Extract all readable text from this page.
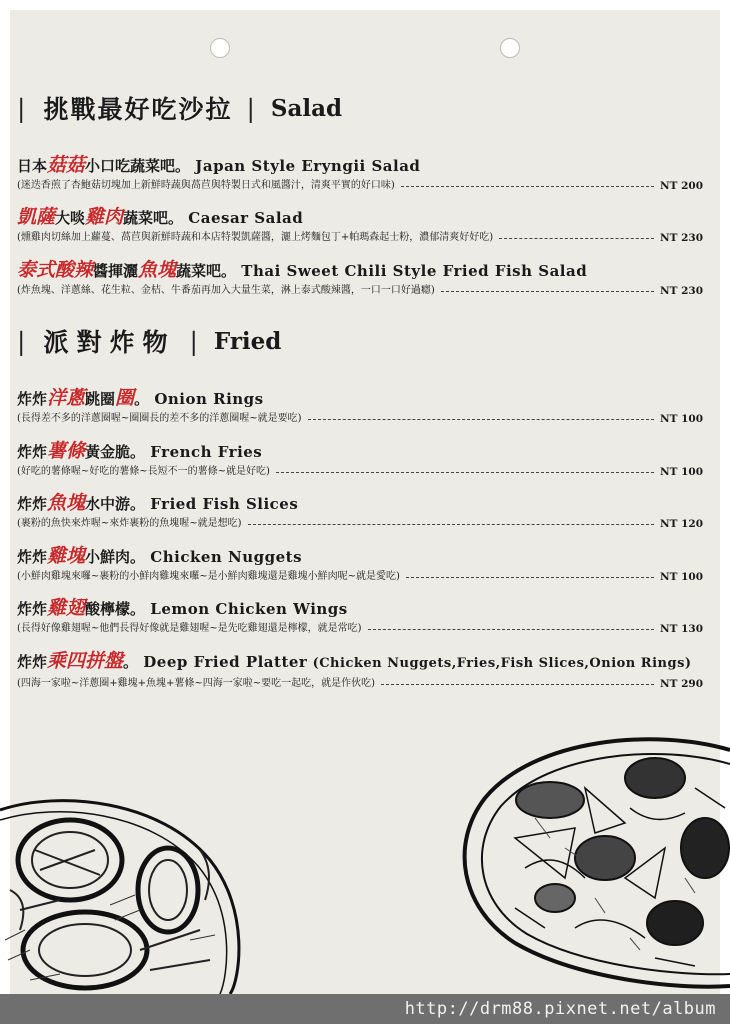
| 挑戰最好吃沙拉 | Salad
日本菇菇小口吃蔬菜吧。 Japan Style Eryngii Salad
(迷迭香煎了杏鮑菇切塊加上新鮮時蔬與萵苣與特製日式和風醬汁，清爽平實的好口味)	NT 200
凱薩大啖雞肉蔬菜吧。 Caesar Salad
(燻雞肉切絲加上蘿蔓、萵苣與新鮮時蔬和本店特製凱薩醬，灑上烤麵包丁+帕瑪森起士粉，濃郁清爽好好吃)	NT 230
泰式酸辣醬揮灑魚塊蔬菜吧。 Thai Sweet Chili Style Fried Fish Salad
(炸魚塊、洋蔥絲、花生粒、金桔、牛番茄再加入大量生菜，淋上泰式酸辣醬，一口一口好過癮)	NT 230
| 派對炸物 | Fried
炸炸洋蔥跳圈圈。 Onion Rings
(長得差不多的洋蔥圈喔~圈圈長的差不多的洋蔥圈喔~就是要吃)	NT 100
炸炸薯條黃金脆。 French Fries
(好吃的薯條喔~好吃的薯條~長短不一的薯條~就是好吃)	NT 100
炸炸魚塊水中游。 Fried Fish Slices
(裹粉的魚快來炸喔~來炸裹粉的魚塊喔~就是想吃)	NT 120
炸炸雞塊小鮮肉。 Chicken Nuggets
(小鮮肉雞塊來囉~裹粉的小鮮肉雞塊來囉~是小鮮肉雞塊還是雞塊小鮮肉呢~就是愛吃)	NT 100
炸炸雞翅酸檸檬。 Lemon Chicken Wings
(長得好像雞翅喔~他們長得好像就是雞翅喔~是先吃雞翅還是檸檬，就是常吃)	NT 130
炸炸乘四拼盤。 Deep Fried Platter (Chicken Nuggets,Fries,Fish Slices,Onion Rings)
(四海一家啦~洋蔥圈+雞塊+魚塊+薯條~四海一家啦~要吃一起吃，就是作伙吃)	NT 290
http://drm88.pixnet.net/album
